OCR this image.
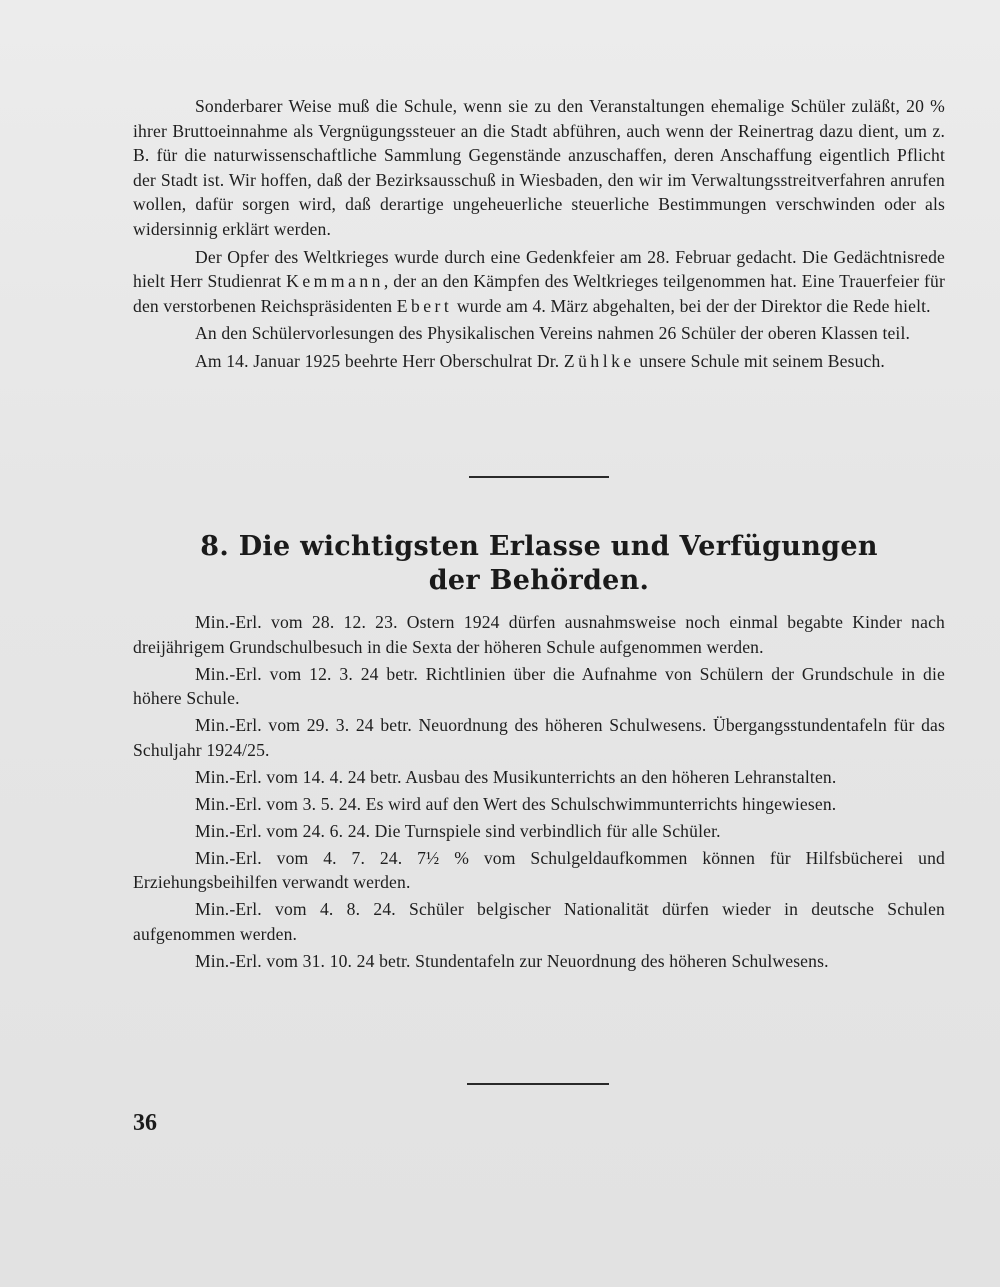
Sonderbarer Weise muß die Schule, wenn sie zu den Veranstaltungen ehemalige Schüler zuläßt, 20 % ihrer Bruttoeinnahme als Vergnügungssteuer an die Stadt abführen, auch wenn der Reinertrag dazu dient, um z. B. für die naturwissenschaftliche Sammlung Gegenstände anzuschaffen, deren Anschaffung eigentlich Pflicht der Stadt ist. Wir hoffen, daß der Bezirksausschuß in Wiesbaden, den wir im Verwaltungsstreitverfahren anrufen wollen, dafür sorgen wird, daß derartige ungeheuerliche steuerliche Bestimmungen verschwinden oder als widersinnig erklärt werden.

Der Opfer des Weltkrieges wurde durch eine Gedenkfeier am 28. Februar gedacht. Die Gedächtnisrede hielt Herr Studienrat Kemmann, der an den Kämpfen des Weltkrieges teilgenommen hat. Eine Trauerfeier für den verstorbenen Reichspräsidenten Ebert wurde am 4. März abgehalten, bei der der Direktor die Rede hielt.

An den Schülervorlesungen des Physikalischen Vereins nahmen 26 Schüler der oberen Klassen teil.

Am 14. Januar 1925 beehrte Herr Oberschulrat Dr. Zühlke unsere Schule mit seinem Besuch.

8. Die wichtigsten Erlasse und Verfügungen
der Behörden.

Min.-Erl. vom 28. 12. 23. Ostern 1924 dürfen ausnahmsweise noch einmal begabte Kinder nach dreijährigem Grundschulbesuch in die Sexta der höheren Schule aufgenommen werden.

Min.-Erl. vom 12. 3. 24 betr. Richtlinien über die Aufnahme von Schülern der Grundschule in die höhere Schule.

Min.-Erl. vom 29. 3. 24 betr. Neuordnung des höheren Schulwesens. Übergangsstundentafeln für das Schuljahr 1924/25.

Min.-Erl. vom 14. 4. 24 betr. Ausbau des Musikunterrichts an den höheren Lehranstalten.

Min.-Erl. vom 3. 5. 24. Es wird auf den Wert des Schulschwimmunterrichts hingewiesen.

Min.-Erl. vom 24. 6. 24. Die Turnspiele sind verbindlich für alle Schüler.

Min.-Erl. vom 4. 7. 24. 7½ % vom Schulgeldaufkommen können für Hilfsbücherei und Erziehungsbeihilfen verwandt werden.

Min.-Erl. vom 4. 8. 24. Schüler belgischer Nationalität dürfen wieder in deutsche Schulen aufgenommen werden.

Min.-Erl. vom 31. 10. 24 betr. Stundentafeln zur Neuordnung des höheren Schulwesens.

36
